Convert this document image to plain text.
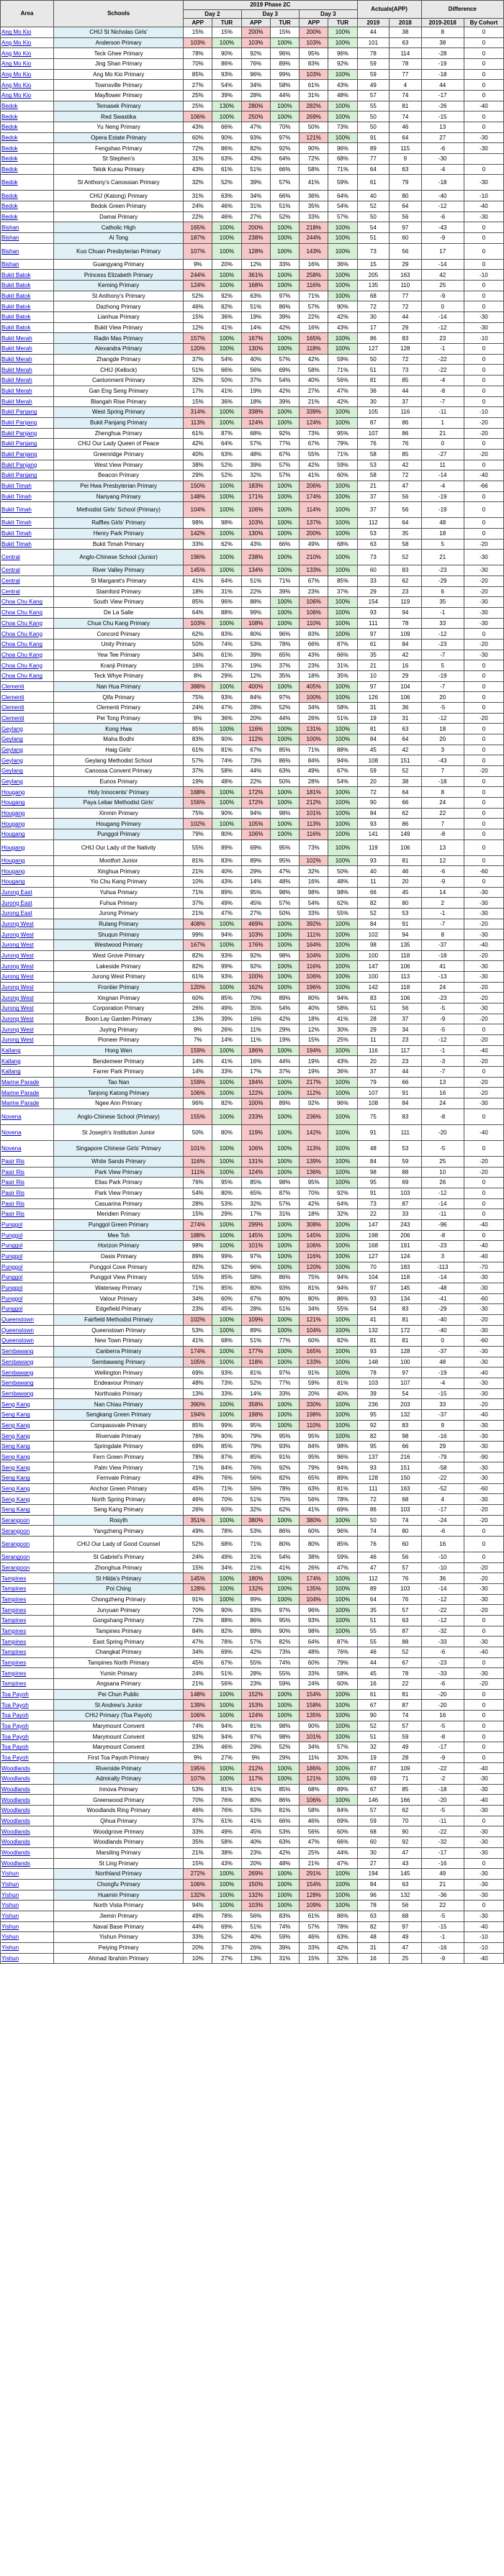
Area	Schools	2019 Phase 2C						Actuals(APP)		Difference	
		Day 2		Day 3		Day 3					
		APP	TUR	APP	TUR	APP	TUR	2019	2018	2019-2018	By Cohort
Ang Mo Kio	CHIJ St Nicholas Girls'	15%	15%	200%	15%	200%	100%	44	38	8	0
Ang Mo Kio	Anderson Primary	103%	100%	103%	100%	103%	100%	101	63	38	0
Ang Mo Kio	Teck Ghee Primary	78%	90%	92%	96%	95%	96%	78	114	-28	0
Ang Mo Kio	Jing Shan Primary	70%	86%	76%	89%	83%	92%	59	78	-19	0
Ang Mo Kio	Ang Mo Kio Primary	85%	93%	96%	99%	103%	100%	59	77	-18	0
Ang Mo Kio	Townsville Primary	27%	54%	34%	58%	61%	43%	49	4	44	0
Ang Mo Kio	Mayflower Primary	25%	39%	28%	44%	31%	48%	57	74	-17	0
Bedok	Temasek Primary	25%	130%	280%	100%	282%	100%	55	81	-26	-40
Bedok	Red Swastika	106%	100%	250%	100%	269%	100%	50	74	-15	0
Bedok	Yu Neng Primary	43%	66%	47%	70%	50%	73%	50	46	13	0
Bedok	Opera Estate Primary	60%	90%	93%	97%	121%	100%	91	64	27	-30
Bedok	Fengshan Primary	72%	86%	82%	92%	90%	96%	89	115	-6	-30
Bedok	St Stephen's	31%	63%	43%	64%	72%	68%	77	9	-30	
Bedok	Telok Kurau Primary	43%	61%	51%	66%	58%	71%	64	63	-4	0
Bedok	St Anthony's Canossian Primary	32%	52%	39%	57%	41%	59%	61	79	-18	-30
Bedok	CHIJ (Katong) Primary	31%	63%	34%	66%	36%	64%	40	80	-40	-10
Bedok	Bedok Green Primary	24%	46%	31%	51%	35%	54%	52	64	-12	-40
Bedok	Damai Primary	22%	46%	27%	52%	33%	57%	50	56	-6	-30
Bishan	Catholic High	165%	100%	200%	100%	218%	100%	54	97	-43	0
Bishan	Ai Tong	187%	100%	238%	100%	244%	100%	51	60	-9	0
Bishan	Kuo Chuan Presbyterian Primary	107%	100%	128%	100%	143%	100%	73	56	17	0
Bishan	Guangyang Primary	9%	20%	12%	33%	16%	36%	15	29	-14	0
Bukit Batok	Princess Elizabeth Primary	244%	100%	361%	100%	258%	100%	205	163	42	-10
Bukit Batok	Keming Primary	124%	100%	168%	100%	116%	100%	135	110	25	0
Bukit Batok	St Anthony's Primary	52%	92%	63%	97%	71%	100%	68	77	-9	0
Bukit Batok	Dazhong Primary	46%	82%	51%	86%	57%	90%	72	72	0	0
Bukit Batok	Lianhua Primary	15%	36%	19%	39%	22%	42%	30	44	-14	-30
Bukit Batok	Bukit View Primary	12%	41%	14%	42%	16%	43%	17	29	-12	-30
Bukit Merah	Radin Mas Primary	157%	100%	167%	100%	165%	100%	86	83	23	-10
Bukit Merah	Alexandra Primary	120%	100%	130%	100%	118%	100%	127	128	-1	0
Bukit Merah	Zhangde Primary	37%	54%	40%	57%	42%	59%	50	72	-22	0
Bukit Merah	CHIJ (Kellock)	51%	66%	56%	69%	58%	71%	51	73	-22	0
Bukit Merah	Cantonment Primary	32%	50%	37%	54%	40%	56%	81	85	-4	0
Bukit Merah	Gan Eng Seng Primary	17%	41%	19%	42%	27%	47%	36	44	-8	0
Bukit Merah	Blangah Rise Primary	15%	36%	18%	39%	21%	42%	30	37	-7	0
Bukit Panjang	West Spring Primary	314%	100%	338%	100%	339%	100%	105	116	-11	-10
Bukit Panjang	Bukit Panjang Primary	113%	100%	124%	100%	124%	100%	87	86	1	-20
Bukit Panjang	Zhenghua Primary	61%	87%	68%	92%	73%	95%	107	86	21	-20
Bukit Panjang	CHIJ Our Lady Queen of Peace	42%	64%	57%	77%	67%	79%	76	76	0	0
Bukit Panjang	Greenridge Primary	40%	63%	48%	67%	55%	71%	58	85	-27	-20
Bukit Panjang	West View Primary	38%	52%	39%	57%	42%	59%	53	42	11	0
Bukit Panjang	Beacon Primary	29%	52%	32%	57%	41%	60%	58	72	-14	-40
Bukit Timah	Pei Hwa Presbyterian Primary	150%	100%	183%	100%	206%	100%	21	47	-4	-66
Bukit Timah	Nanyang Primary	148%	100%	171%	100%	174%	100%	37	56	-19	0
Bukit Timah	Methodist Girls' School (Primary)	104%	100%	106%	100%	114%	100%	37	56	-19	0
Bukit Timah	Raffles Girls' Primary	98%	98%	103%	100%	137%	100%	112	64	48	0
Bukit Timah	Henry Park Primary	142%	100%	130%	100%	200%	100%	53	35	18	0
Bukit Timah	Bukit Timah Primary	33%	62%	43%	66%	49%	68%	63	58	5	-20
Central	Anglo-Chinese School (Junior)	196%	100%	238%	100%	210%	100%	73	52	21	-30
Central	River Valley Primary	145%	100%	134%	100%	133%	100%	60	83	-23	-30
Central	St Margaret's Primary	41%	64%	51%	71%	67%	85%	33	62	-29	-20
Central	Stamford Primary	18%	31%	22%	39%	23%	37%	29	23	6	-20
Choa Chu Kang	South View Primary	85%	96%	88%	100%	106%	100%	154	119	35	-30
Choa Chu Kang	De La Salle	64%	88%	99%	100%	106%	100%	93	94	-1	-30
Choa Chu Kang	Chua Chu Kang Primary	103%	100%	108%	100%	110%	100%	111	78	33	-30
Choa Chu Kang	Concord Primary	62%	83%	80%	96%	83%	100%	97	109	-12	0
Choa Chu Kang	Unity Primary	50%	74%	53%	78%	66%	87%	61	84	-23	-20
Choa Chu Kang	Yew Tee Primary	34%	61%	39%	65%	43%	66%	35	42	-7	-30
Choa Chu Kang	Kranji Primary	16%	37%	19%	37%	23%	31%	21	16	5	0
Choa Chu Kang	Teck Whye Primary	8%	29%	12%	35%	18%	35%	10	29	-19	0
Clementi	Nan Hua Primary	388%	100%	400%	100%	405%	100%	97	104	-7	0
Clementi	Qifa Primary	75%	93%	84%	97%	100%	100%	126	106	20	0
Clementi	Clementi Primary	24%	47%	28%	52%	34%	58%	31	36	-5	0
Clementi	Pei Tong Primary	9%	36%	20%	44%	26%	51%	19	31	-12	-20
Geylang	Kong Hwa	85%	100%	116%	100%	131%	100%	81	63	18	0
Geylang	Maha Bodhi	83%	90%	112%	100%	100%	100%	84	64	20	0
Geylang	Haig Girls'	61%	81%	67%	85%	71%	88%	45	42	3	0
Geylang	Geylang Methodist School	57%	74%	73%	86%	84%	94%	108	151	-43	0
Geylang	Canossa Convent Primary	37%	58%	44%	63%	49%	67%	59	52	7	-20
Geylang	Eunos Primary	19%	48%	22%	50%	28%	54%	20	38	-18	0
Hougang	Holy Innocents' Primary	168%	100%	172%	100%	181%	100%	72	64	8	0
Hougang	Paya Lebar Methodist Girls'	156%	100%	172%	100%	212%	100%	90	66	24	0
Hougang	Xinmin Primary	75%	90%	94%	98%	101%	100%	84	62	22	0
Hougang	Hougang Primary	102%	100%	105%	100%	113%	100%	93	86	7	0
Hougang	Punggol Primary	79%	80%	106%	100%	116%	100%	141	149	-8	0
Hougang	CHIJ Our Lady of the Nativity	55%	89%	69%	95%	73%	100%	119	106	13	0
Hougang	Montfort Junior	81%	83%	89%	95%	102%	100%	93	81	12	0
Hougang	Xinghua Primary	21%	40%	29%	47%	32%	50%	40	46	-6	-60
Hougang	Yio Chu Kang Primary	10%	43%	14%	48%	16%	48%	11	20	-9	0
Jurong East	Yuhua Primary	71%	89%	95%	98%	98%	98%	66	45	14	-30
Jurong East	Fuhua Primary	37%	49%	45%	57%	54%	62%	82	80	2	-30
Jurong East	Jurong Primary	21%	47%	27%	50%	33%	55%	52	53	-1	-30
Jurong West	Rulang Primary	408%	100%	469%	100%	392%	100%	84	91	-7	-20
Jurong West	Shuqun Primary	99%	94%	103%	100%	111%	100%	102	94	8	-30
Jurong West	Westwood Primary	167%	100%	176%	100%	164%	100%	98	135	-37	-40
Jurong West	West Grove Primary	82%	93%	92%	98%	104%	100%	100	118	-18	-20
Jurong West	Lakeside Primary	82%	99%	92%	100%	116%	100%	147	106	41	-30
Jurong West	Jurong West Primary	61%	93%	100%	100%	106%	100%	100	113	-13	-30
Jurong West	Frontier Primary	120%	100%	162%	100%	196%	100%	142	118	24	-20
Jurong West	Xingnan Primary	60%	85%	70%	89%	80%	94%	83	106	-23	-20
Jurong West	Corporation Primary	26%	49%	35%	54%	40%	58%	51	56	-5	-30
Jurong West	Boon Lay Garden Primary	13%	39%	16%	42%	18%	41%	28	37	-9	-20
Jurong West	Juying Primary	9%	26%	11%	29%	12%	30%	29	34	-5	0
Jurong West	Pioneer Primary	7%	14%	11%	19%	15%	25%	11	23	-12	-20
Kallang	Hong Wen	159%	100%	186%	100%	194%	100%	116	117	-1	-40
Kallang	Bendemeer Primary	14%	41%	16%	44%	19%	43%	20	23	-3	-20
Kallang	Farrer Park Primary	14%	33%	17%	37%	19%	36%	37	44	-7	0
Marine Parade	Tao Nan	159%	100%	194%	100%	217%	100%	79	66	13	-20
Marine Parade	Tanjong Katong Primary	106%	100%	122%	100%	112%	100%	107	91	16	-20
Marine Parade	Ngee Ann Primary	96%	82%	100%	89%	92%	96%	108	84	24	-30
Novena	Anglo-Chinese School (Primary)	155%	100%	233%	100%	236%	100%	75	83	-8	0
Novena	St Joseph's Institution Junior	50%	80%	119%	100%	142%	100%	91	111	-20	-40
Novena	Singapore Chinese Girls' Primary	101%	100%	106%	100%	113%	100%	48	53	-5	0
Pasir Ris	White Sands Primary	116%	100%	131%	100%	139%	100%	84	59	25	-20
Pasir Ris	Park View Primary	111%	100%	124%	100%	136%	100%	98	88	10	-20
Pasir Ris	Elias Park Primary	76%	95%	85%	98%	95%	100%	95	69	26	0
Pasir Ris	Park View Primary	54%	80%	65%	87%	70%	92%	91	103	-12	0
Pasir Ris	Casuarina Primary	28%	53%	32%	57%	42%	64%	73	87	-14	0
Pasir Ris	Meridien Primary	15%	29%	17%	31%	18%	32%	22	33	-11	0
Punggol	Punggol Green Primary	274%	100%	299%	100%	308%	100%	147	243	-96	-40
Punggol	Mee Toh	188%	100%	145%	100%	145%	100%	198	206	-8	0
Punggol	Horizon Primary	98%	100%	101%	100%	106%	100%	168	191	-23	-40
Punggol	Oasis Primary	89%	99%	97%	100%	116%	100%	127	124	3	-40
Punggol	Punggol Cove Primary	82%	92%	96%	100%	120%	100%	70	183	-113	-70
Punggol	Punggol View Primary	55%	85%	58%	86%	75%	94%	104	118	-14	-30
Punggol	Waterway Primary	71%	85%	80%	93%	81%	94%	97	145	-48	-30
Punggol	Valour Primary	34%	60%	67%	80%	80%	86%	93	134	-41	-60
Punggol	Edgefield Primary	23%	45%	28%	51%	34%	55%	54	83	-29	-30
Queenstown	Fairfield Methodist Primary	102%	100%	109%	100%	121%	100%	41	81	-40	-20
Queenstown	Queenstown Primary	53%	100%	89%	100%	104%	100%	132	172	-40	-30
Queenstown	New Town Primary	41%	68%	51%	77%	60%	82%	81	81	0	-60
Sembawang	Canberra Primary	174%	100%	177%	100%	165%	100%	93	128	-37	-30
Sembawang	Sembawang Primary	105%	100%	118%	100%	133%	100%	148	100	48	-30
Sembawang	Wellington Primary	69%	93%	81%	97%	91%	100%	78	97	-19	-40
Sembawang	Endeavour Primary	48%	73%	52%	77%	59%	81%	103	107	-4	-30
Sembawang	Northoaks Primary	13%	33%	14%	33%	20%	40%	39	54	-15	-30
Seng Kang	Nan Chiau Primary	390%	100%	358%	100%	330%	100%	236	203	33	-20
Seng Kang	Sengkang Green Primary	194%	100%	198%	100%	198%	100%	95	132	-37	-40
Seng Kang	Compassvale Primary	85%	99%	95%	100%	110%	100%	92	83	9	-30
Seng Kang	Rivervale Primary	76%	90%	79%	95%	95%	100%	82	98	-16	-30
Seng Kang	Springdale Primary	69%	85%	79%	93%	84%	98%	95	66	29	-30
Seng Kang	Fern Green Primary	78%	87%	85%	91%	95%	96%	137	216	-79	-90
Seng Kang	Palm View Primary	71%	84%	76%	92%	79%	94%	93	151	-58	-30
Seng Kang	Fernvale Primary	49%	76%	56%	82%	65%	89%	128	150	-22	-30
Seng Kang	Anchor Green Primary	45%	71%	56%	78%	63%	81%	111	163	-52	-60
Seng Kang	North Spring Primary	46%	70%	51%	75%	56%	78%	72	68	4	-30
Seng Kang	Seng Kang Primary	26%	60%	32%	62%	41%	69%	86	103	-17	-20
Serangoon	Rosyth	351%	100%	380%	100%	380%	100%	50	74	-24	-20
Serangoon	Yangzheng Primary	49%	78%	53%	86%	60%	96%	74	80	-6	0
Serangoon	CHIJ Our Lady of Good Counsel	52%	68%	71%	80%	80%	85%	76	60	16	0
Serangoon	St Gabriel's Primary	24%	49%	31%	54%	38%	59%	46	56	-10	0
Serangoon	Zhonghua Primary	15%	34%	21%	41%	26%	47%	47	57	-10	-20
Tampines	St Hilda's Primary	145%	100%	180%	100%	174%	100%	112	76	36	-20
Tampines	Poi Ching	128%	100%	132%	100%	135%	100%	89	103	-14	-30
Tampines	Chongzheng Primary	91%	100%	99%	100%	104%	100%	64	76	-12	-30
Tampines	Junyuan Primary	70%	90%	93%	97%	96%	100%	35	57	-22	-20
Tampines	Gongshang Primary	72%	88%	86%	95%	93%	100%	51	63	-12	0
Tampines	Tampines Primary	84%	82%	88%	90%	98%	100%	55	87	-32	0
Tampines	East Spring Primary	47%	78%	57%	82%	64%	87%	55	88	-33	-30
Tampines	Changkat Primary	34%	69%	42%	73%	48%	76%	46	52	-6	-40
Tampines	Tampines North Primary	45%	67%	55%	74%	60%	79%	44	67	-23	0
Tampines	Yumin Primary	24%	51%	28%	55%	33%	58%	45	78	-33	-30
Tampines	Angsana Primary	21%	56%	23%	59%	24%	60%	16	22	-6	-20
Toa Payoh	Pei Chun Public	148%	100%	152%	100%	154%	100%	61	81	-20	0
Toa Payoh	St Andrew's Junior	139%	100%	153%	100%	158%	100%	67	87	-20	0
Toa Payoh	CHIJ Primary (Toa Payoh)	106%	100%	124%	100%	135%	100%	90	74	16	0
Toa Payoh	Marymount Convent	74%	94%	81%	98%	90%	100%	52	57	-5	0
Toa Payoh	Marymount Convent	92%	94%	97%	98%	101%	100%	51	59	-8	0
Toa Payoh	Marymount Convent	23%	46%	29%	52%	34%	57%	32	49	-17	0
Toa Payoh	First Toa Payoh Primary	9%	27%	9%	29%	11%	30%	19	28	-9	0
Woodlands	Riverside Primary	195%	100%	212%	100%	186%	100%	87	109	-22	-40
Woodlands	Admiralty Primary	107%	100%	117%	100%	121%	100%	69	71	-2	-30
Woodlands	Innova Primary	53%	81%	61%	85%	68%	89%	67	85	-18	-30
Woodlands	Greenwood Primary	70%	76%	80%	86%	106%	100%	146	166	-20	-40
Woodlands	Woodlands Ring Primary	46%	76%	53%	81%	58%	84%	57	62	-5	-30
Woodlands	Qihua Primary	37%	61%	41%	66%	46%	69%	59	70	-11	0
Woodlands	Woodgrove Primary	33%	49%	45%	53%	56%	60%	68	90	-22	-30
Woodlands	Woodlands Primary	35%	58%	40%	63%	47%	66%	60	92	-32	-30
Woodlands	Marsiling Primary	21%	38%	23%	42%	25%	44%	30	47	-17	-30
Woodlands	St Ling Primary	15%	43%	20%	48%	21%	47%	27	43	-16	0
Yishun	Northland Primary	272%	100%	269%	100%	291%	100%	194	145	49	-30
Yishun	Chongfu Primary	106%	100%	150%	100%	154%	100%	84	63	21	-30
Yishun	Huamin Primary	132%	100%	132%	100%	128%	100%	96	132	-36	-30
Yishun	North Vista Primary	94%	100%	103%	100%	109%	100%	78	56	22	0
Yishun	Jiemin Primary	49%	78%	56%	83%	61%	86%	63	68	-5	-30
Yishun	Naval Base Primary	44%	69%	51%	74%	57%	78%	82	97	-15	-40
Yishun	Yishun Primary	33%	52%	40%	59%	46%	63%	48	49	-1	-10
Yishun	Peiying Primary	20%	37%	26%	39%	33%	42%	31	47	-16	-10
Yishun	Ahmad Ibrahim Primary	10%	27%	13%	31%	15%	32%	16	25	-9	-40
